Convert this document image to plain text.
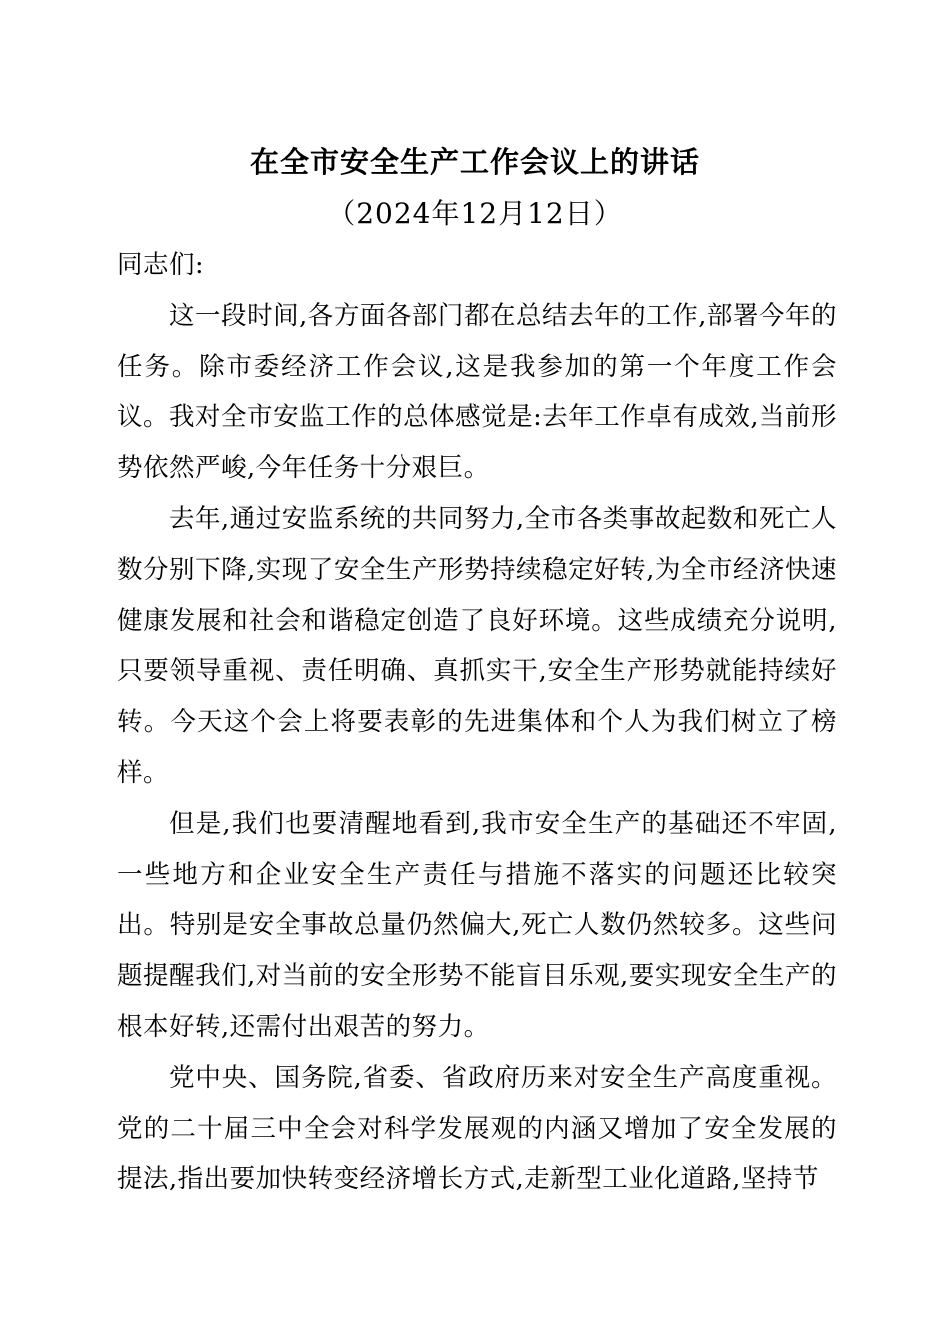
在全市安全生产工作会议上的讲话
（2024年12月12日）

同志们:

这一段时间,各方面各部门都在总结去年的工作,部署今年的任务。除市委经济工作会议,这是我参加的第一个年度工作会议。我对全市安监工作的总体感觉是:去年工作卓有成效,当前形势依然严峻,今年任务十分艰巨。

去年,通过安监系统的共同努力,全市各类事故起数和死亡人数分别下降,实现了安全生产形势持续稳定好转,为全市经济快速健康发展和社会和谐稳定创造了良好环境。这些成绩充分说明,只要领导重视、责任明确、真抓实干,安全生产形势就能持续好转。今天这个会上将要表彰的先进集体和个人为我们树立了榜样。

但是,我们也要清醒地看到,我市安全生产的基础还不牢固,一些地方和企业安全生产责任与措施不落实的问题还比较突出。特别是安全事故总量仍然偏大,死亡人数仍然较多。这些问题提醒我们,对当前的安全形势不能盲目乐观,要实现安全生产的根本好转,还需付出艰苦的努力。

党中央、国务院,省委、省政府历来对安全生产高度重视。党的二十届三中全会对科学发展观的内涵又增加了安全发展的提法,指出要加快转变经济增长方式,走新型工业化道路,坚持节
